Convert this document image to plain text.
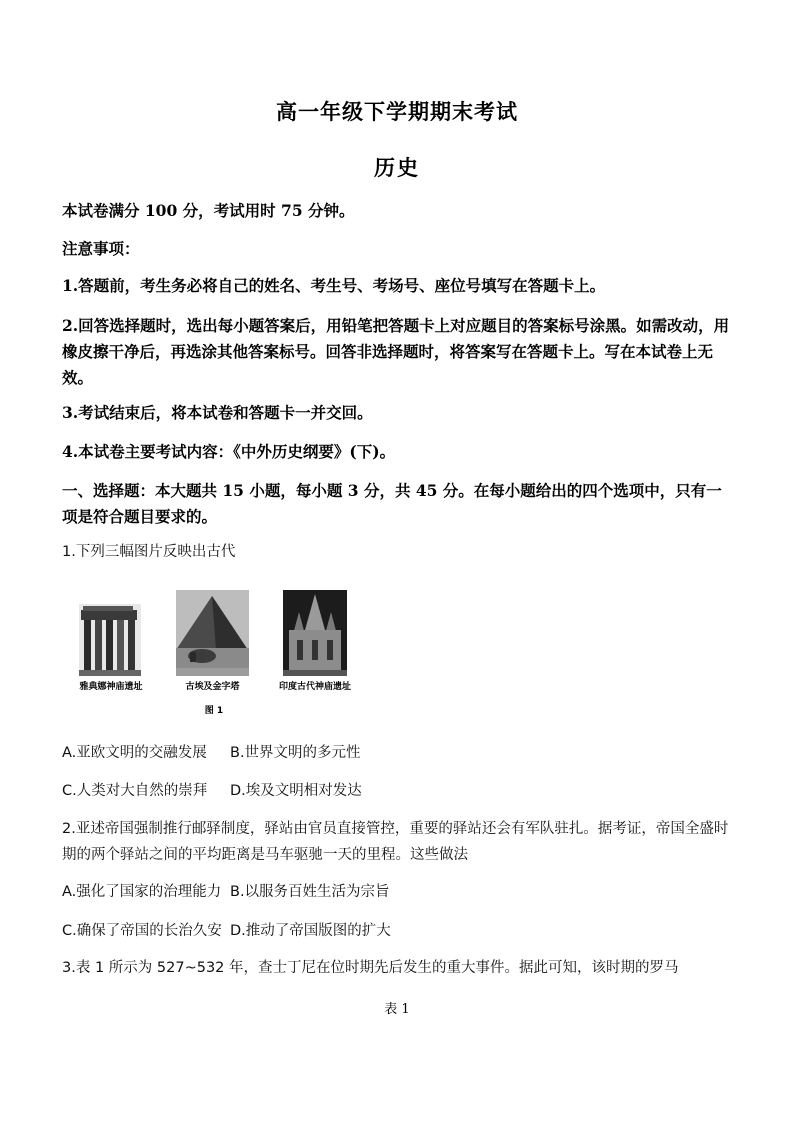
高一年级下学期期末考试
历史
本试卷满分 100 分，考试用时 75 分钟。
注意事项：
1.答题前，考生务必将自己的姓名、考生号、考场号、座位号填写在答题卡上。
2.回答选择题时，选出每小题答案后，用铅笔把答题卡上对应题目的答案标号涂黑。如需改动，用橡皮擦干净后，再选涂其他答案标号。回答非选择题时，将答案写在答题卡上。写在本试卷上无效。
3.考试结束后，将本试卷和答题卡一并交回。
4.本试卷主要考试内容：《中外历史纲要》(下)。
一、选择题：本大题共 15 小题，每小题 3 分，共 45 分。在每小题给出的四个选项中，只有一项是符合题目要求的。
1.下列三幅图片反映出古代
雅典娜神庙遗址	古埃及金字塔	印度古代神庙遗址
图 1
A.亚欧文明的交融发展 B.世界文明的多元性
C.人类对大自然的崇拜 D.埃及文明相对发达
2.亚述帝国强制推行邮驿制度，驿站由官员直接管控，重要的驿站还会有军队驻扎。据考证，帝国全盛时期的两个驿站之间的平均距离是马车驱驰一天的里程。这些做法
A.强化了国家的治理能力 B.以服务百姓生活为宗旨
C.确保了帝国的长治久安 D.推动了帝国版图的扩大
3.表 1 所示为 527~532 年，查士丁尼在位时期先后发生的重大事件。据此可知，该时期的罗马
表 1
